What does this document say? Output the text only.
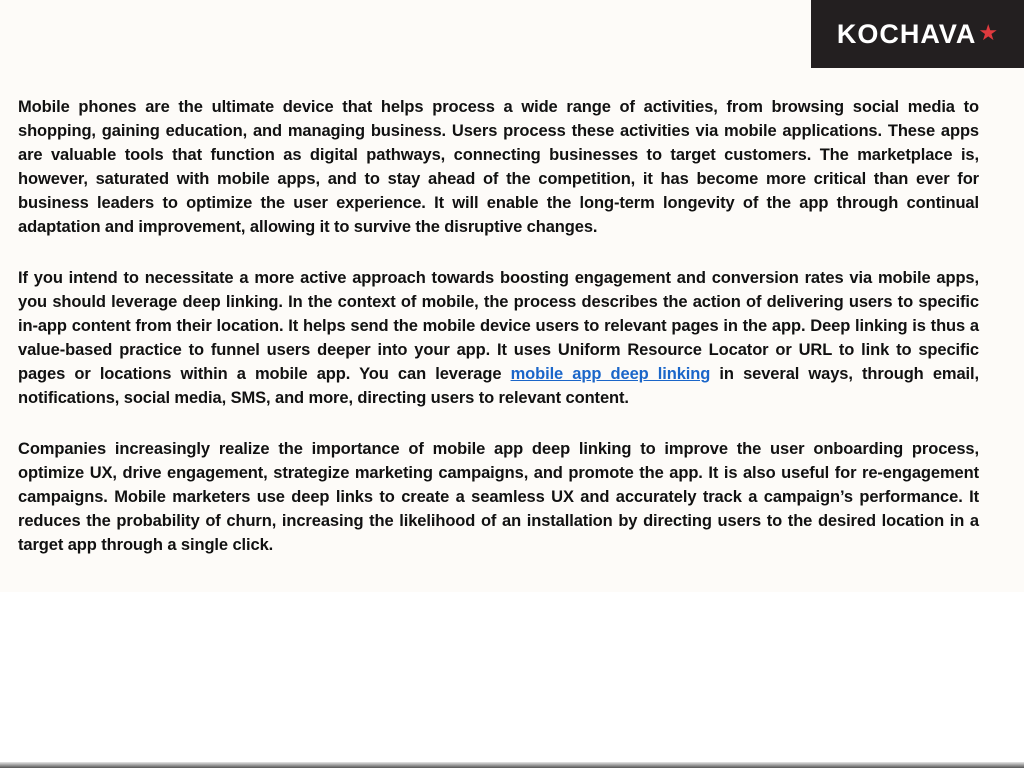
KOCHAVA ★

Mobile phones are the ultimate device that helps process a wide range of activities, from browsing social media to shopping, gaining education, and managing business. Users process these activities via mobile applications. These apps are valuable tools that function as digital pathways, connecting businesses to target customers. The marketplace is, however, saturated with mobile apps, and to stay ahead of the competition, it has become more critical than ever for business leaders to optimize the user experience. It will enable the long-term longevity of the app through continual adaptation and improvement, allowing it to survive the disruptive changes.

If you intend to necessitate a more active approach towards boosting engagement and conversion rates via mobile apps, you should leverage deep linking. In the context of mobile, the process describes the action of delivering users to specific in-app content from their location. It helps send the mobile device users to relevant pages in the app. Deep linking is thus a value-based practice to funnel users deeper into your app. It uses Uniform Resource Locator or URL to link to specific pages or locations within a mobile app. You can leverage mobile app deep linking in several ways, through email, notifications, social media, SMS, and more, directing users to relevant content.

Companies increasingly realize the importance of mobile app deep linking to improve the user onboarding process, optimize UX, drive engagement, strategize marketing campaigns, and promote the app. It is also useful for re-engagement campaigns. Mobile marketers use deep links to create a seamless UX and accurately track a campaign’s performance. It reduces the probability of churn, increasing the likelihood of an installation by directing users to the desired location in a target app through a single click.
